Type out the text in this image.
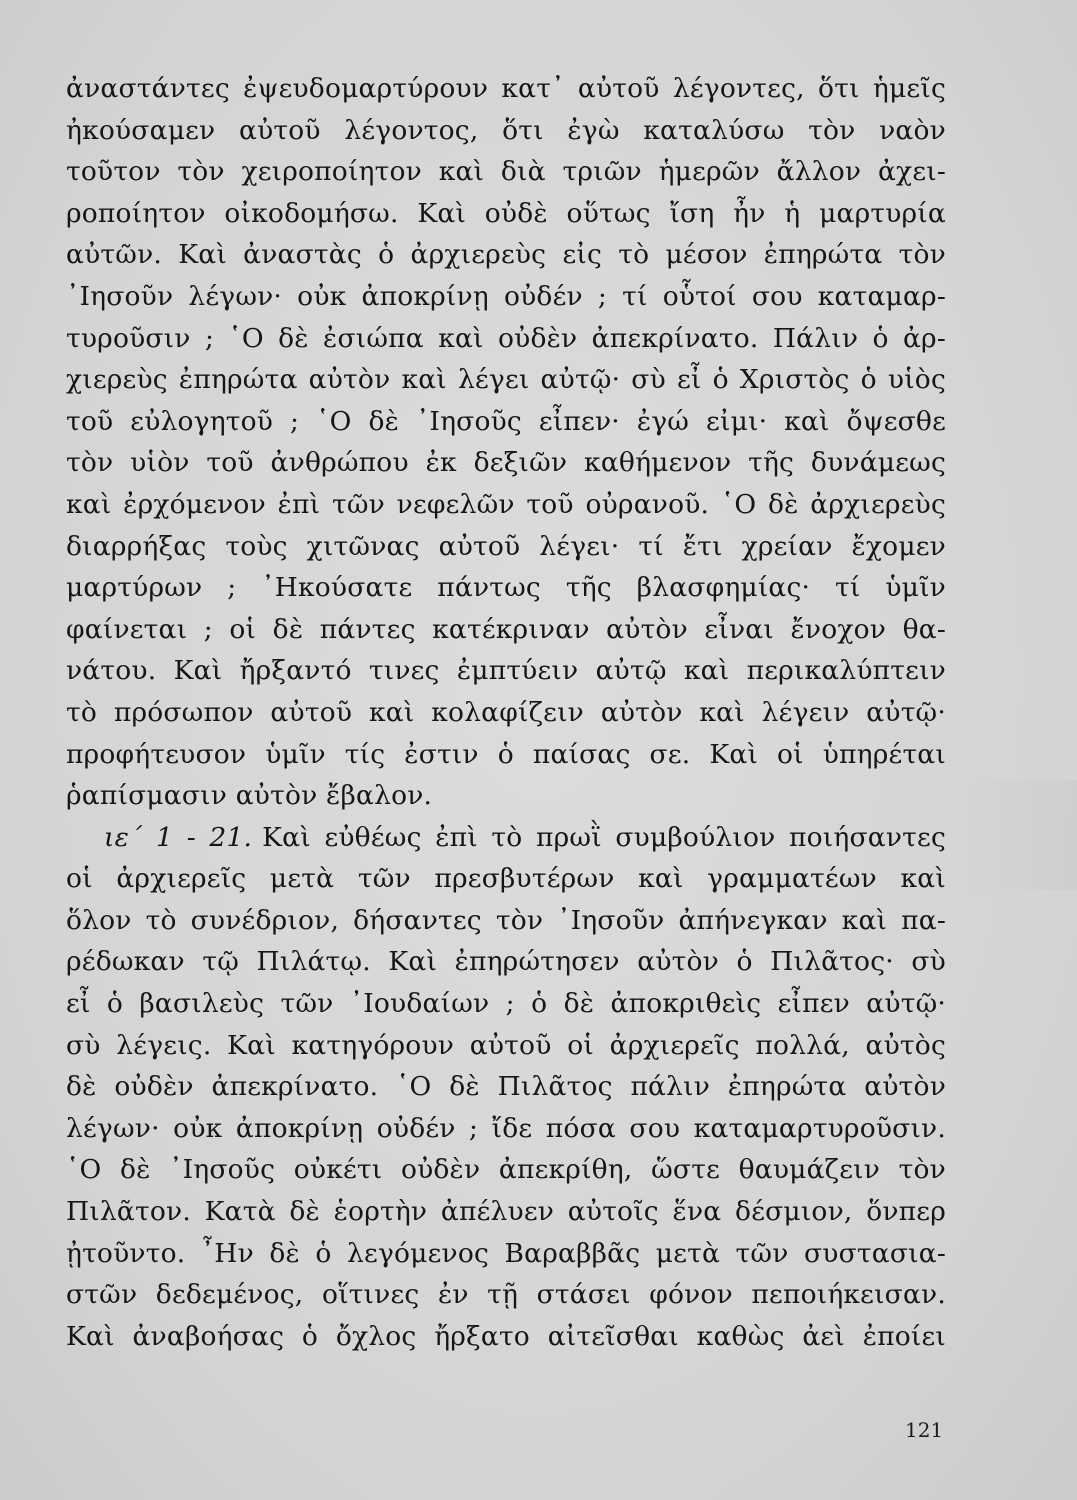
ἀναστάντες ἐψευδομαρτύρουν κατ᾿ αὐτοῦ λέγοντες, ὅτι ἡμεῖς
ἠκούσαμεν αὐτοῦ λέγοντος, ὅτι ἐγὼ καταλύσω τὸν ναὸν
τοῦτον τὸν χειροποίητον καὶ διὰ τριῶν ἡμερῶν ἄλλον ἀχει-
ροποίητον οἰκοδομήσω. Καὶ οὐδὲ οὕτως ἴση ἦν ἡ μαρτυρία
αὐτῶν. Καὶ ἀναστὰς ὁ ἀρχιερεὺς εἰς τὸ μέσον ἐπηρώτα τὸν
᾿Ιησοῦν λέγων· οὐκ ἀποκρίνῃ οὐδέν ; τί οὗτοί σου καταμαρ-
τυροῦσιν ; ῾Ο δὲ ἐσιώπα καὶ οὐδὲν ἀπεκρίνατο. Πάλιν ὁ ἀρ-
χιερεὺς ἐπηρώτα αὐτὸν καὶ λέγει αὐτῷ· σὺ εἶ ὁ Χριστὸς ὁ υἱὸς
τοῦ εὐλογητοῦ ; ῾Ο δὲ ᾿Ιησοῦς εἶπεν· ἐγώ εἰμι· καὶ ὄψεσθε
τὸν υἱὸν τοῦ ἀνθρώπου ἐκ δεξιῶν καθήμενον τῆς δυνάμεως
καὶ ἐρχόμενον ἐπὶ τῶν νεφελῶν τοῦ οὐρανοῦ. ῾Ο δὲ ἀρχιερεὺς
διαρρήξας τοὺς χιτῶνας αὐτοῦ λέγει· τί ἔτι χρείαν ἔχομεν
μαρτύρων ; ᾿Ηκούσατε πάντως τῆς βλασφημίας· τί ὑμῖν
φαίνεται ; οἱ δὲ πάντες κατέκριναν αὐτὸν εἶναι ἔνοχον θα-
νάτου. Καὶ ἤρξαντό τινες ἐμπτύειν αὐτῷ καὶ περικαλύπτειν
τὸ πρόσωπον αὐτοῦ καὶ κολαφίζειν αὐτὸν καὶ λέγειν αὐτῷ·
προφήτευσον ὑμῖν τίς ἐστιν ὁ παίσας σε. Καὶ οἱ ὑπηρέται
ῥαπίσμασιν αὐτὸν ἔβαλον.
ιε΄ 1 - 21. Καὶ εὐθέως ἐπὶ τὸ πρωῒ συμβούλιον ποιήσαντες
οἱ ἀρχιερεῖς μετὰ τῶν πρεσβυτέρων καὶ γραμματέων καὶ
ὅλον τὸ συνέδριον, δήσαντες τὸν ᾿Ιησοῦν ἀπήνεγκαν καὶ πα-
ρέδωκαν τῷ Πιλάτῳ. Καὶ ἐπηρώτησεν αὐτὸν ὁ Πιλᾶτος· σὺ
εἶ ὁ βασιλεὺς τῶν ᾿Ιουδαίων ; ὁ δὲ ἀποκριθεὶς εἶπεν αὐτῷ·
σὺ λέγεις. Καὶ κατηγόρουν αὐτοῦ οἱ ἀρχιερεῖς πολλά, αὐτὸς
δὲ οὐδὲν ἀπεκρίνατο. ῾Ο δὲ Πιλᾶτος πάλιν ἐπηρώτα αὐτὸν
λέγων· οὐκ ἀποκρίνῃ οὐδέν ; ἴδε πόσα σου καταμαρτυροῦσιν.
῾Ο δὲ ᾿Ιησοῦς οὐκέτι οὐδὲν ἀπεκρίθη, ὥστε θαυμάζειν τὸν
Πιλᾶτον. Κατὰ δὲ ἑορτὴν ἀπέλυεν αὐτοῖς ἕνα δέσμιον, ὅνπερ
ᾐτοῦντο. ῏Ην δὲ ὁ λεγόμενος Βαραββᾶς μετὰ τῶν συστασια-
στῶν δεδεμένος, οἵτινες ἐν τῇ στάσει φόνον πεποιήκεισαν.
Καὶ ἀναβοήσας ὁ ὄχλος ἤρξατο αἰτεῖσθαι καθὼς ἀεὶ ἐποίει
121
